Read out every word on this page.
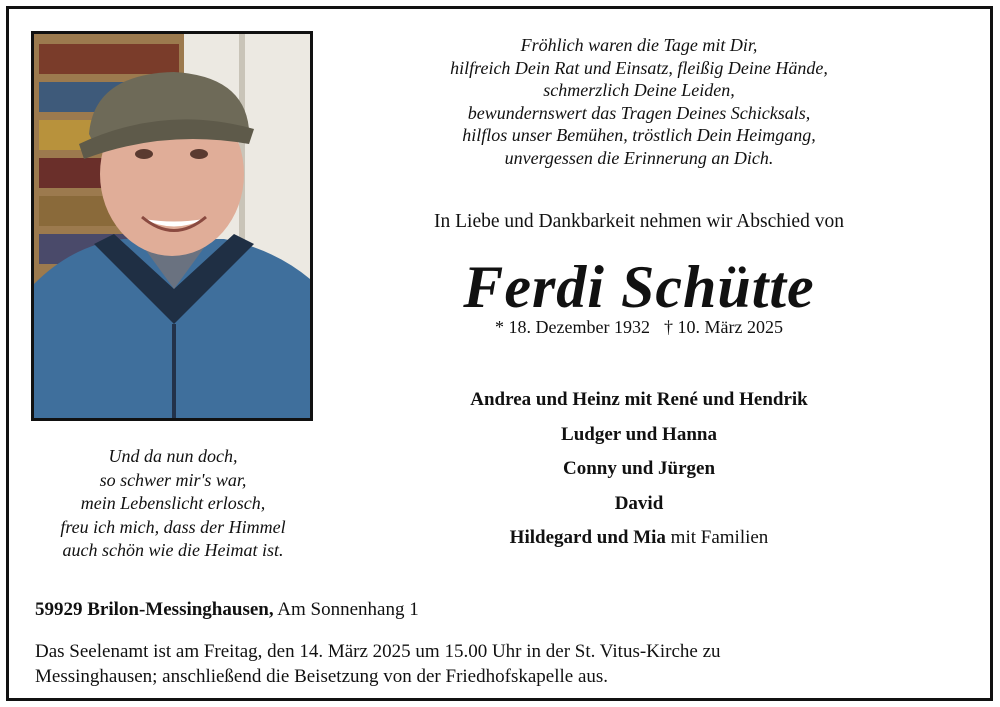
Fröhlich waren die Tage mit Dir,
hilfreich Dein Rat und Einsatz, fleißig Deine Hände,
schmerzlich Deine Leiden,
bewundernswert das Tragen Deines Schicksals,
hilflos unser Bemühen, tröstlich Dein Heimgang,
unvergessen die Erinnerung an Dich.
In Liebe und Dankbarkeit nehmen wir Abschied von
Ferdi Schütte
* 18. Dezember 1932 † 10. März 2025
Andrea und Heinz mit René und Hendrik
Ludger und Hanna
Conny und Jürgen
David
Hildegard und Mia mit Familien
Und da nun doch,
so schwer mir's war,
mein Lebenslicht erlosch,
freu ich mich, dass der Himmel
auch schön wie die Heimat ist.
59929 Brilon-Messinghausen, Am Sonnenhang 1
Das Seelenamt ist am Freitag, den 14. März 2025 um 15.00 Uhr in der St. Vitus-Kirche zu
Messinghausen; anschließend die Beisetzung von der Friedhofskapelle aus.
